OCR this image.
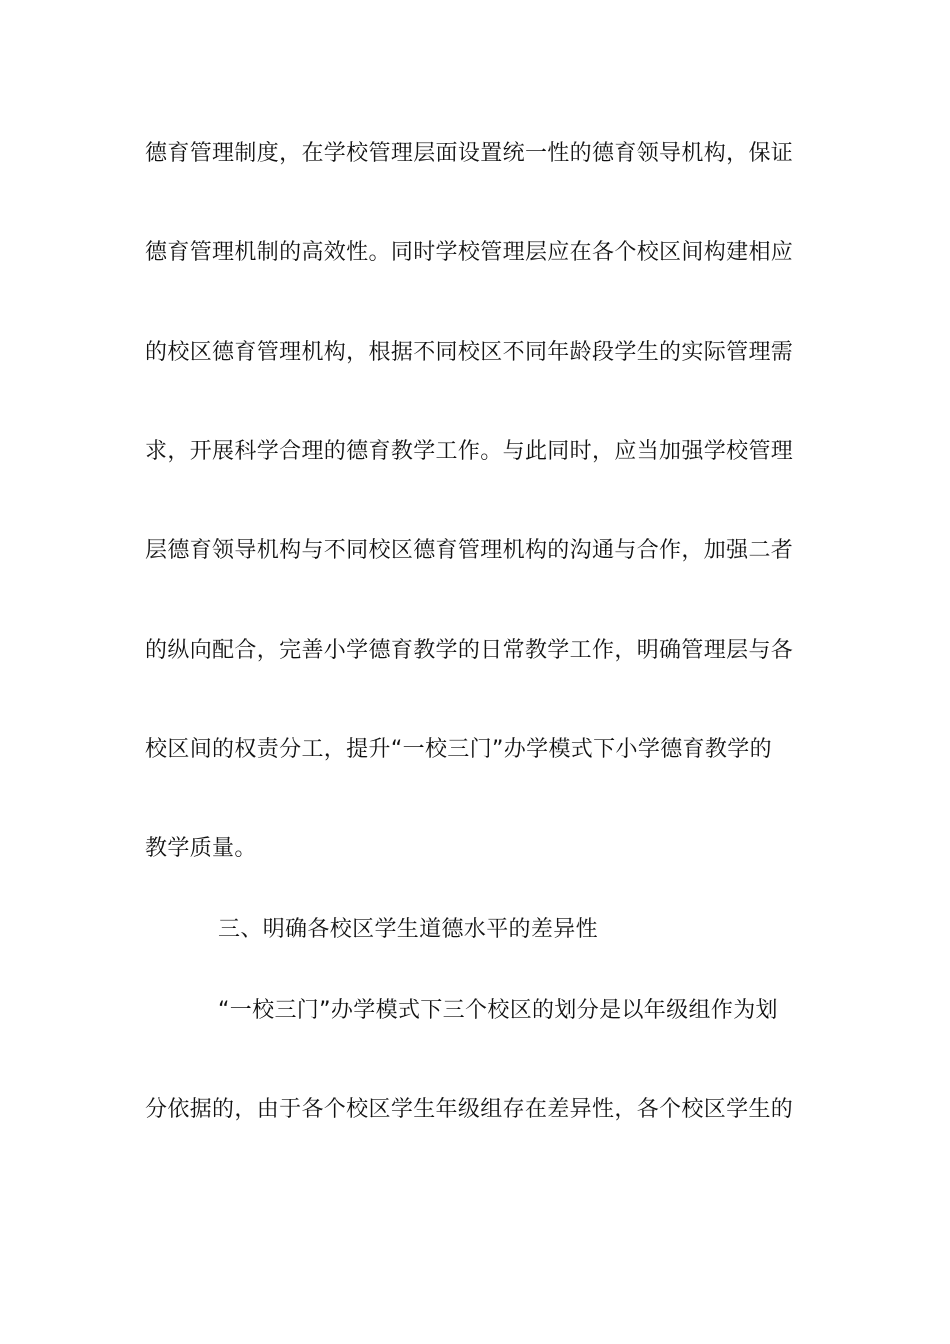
德育管理制度，在学校管理层面设置统一性的德育领导机构，保证
德育管理机制的高效性。同时学校管理层应在各个校区间构建相应
的校区德育管理机构，根据不同校区不同年龄段学生的实际管理需
求，开展科学合理的德育教学工作。与此同时，应当加强学校管理
层德育领导机构与不同校区德育管理机构的沟通与合作，加强二者
的纵向配合，完善小学德育教学的日常教学工作，明确管理层与各
校区间的权责分工，提升“一校三门”办学模式下小学德育教学的
教学质量。
三、明确各校区学生道德水平的差异性
“一校三门”办学模式下三个校区的划分是以年级组作为划
分依据的，由于各个校区学生年级组存在差异性，各个校区学生的
